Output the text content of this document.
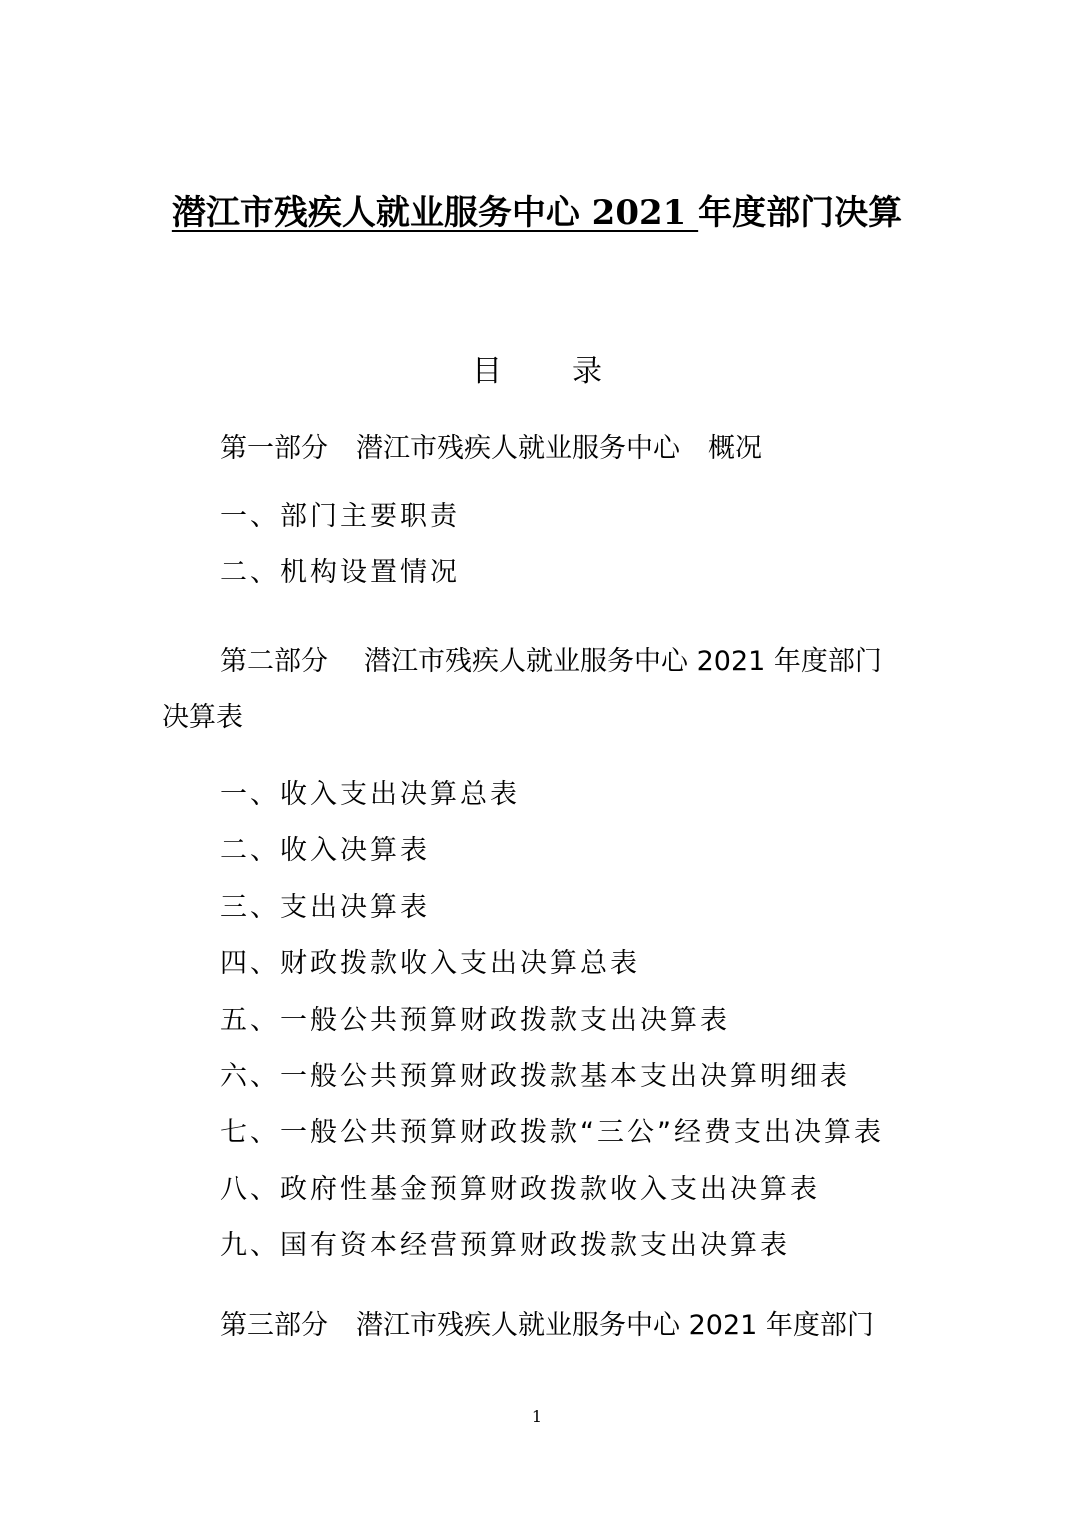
潜江市残疾人就业服务中心 2021 年度部门决算
目 录
第一部分 潜江市残疾人就业服务中心 概况
一、部门主要职责
二、机构设置情况
第二部分 潜江市残疾人就业服务中心 2021 年度部门
决算表
一、收入支出决算总表
二、收入决算表
三、支出决算表
四、财政拨款收入支出决算总表
五、一般公共预算财政拨款支出决算表
六、一般公共预算财政拨款基本支出决算明细表
七、一般公共预算财政拨款“三公”经费支出决算表
八、政府性基金预算财政拨款收入支出决算表
九、国有资本经营预算财政拨款支出决算表
第三部分 潜江市残疾人就业服务中心 2021 年度部门
1
